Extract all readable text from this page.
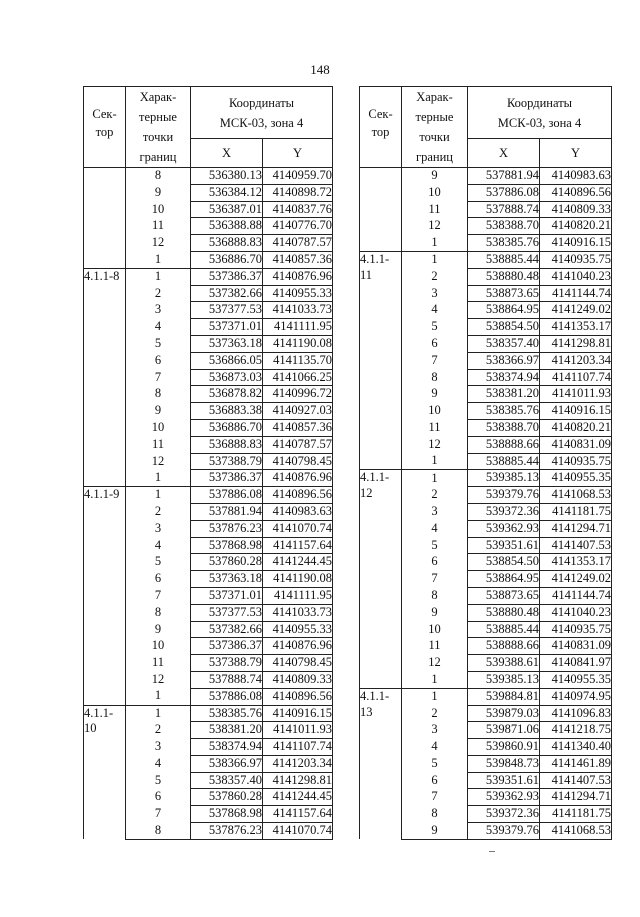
148
Сек-
тор	Харак-
терные
точки
границ	Координаты
МСК-03, зона 4	
		X	Y
	8	536380.13	4140959.70
	9	536384.12	4140898.72
	10	536387.01	4140837.76
	11	536388.88	4140776.70
	12	536888.83	4140787.57
	1	536886.70	4140857.36
4.1.1-8	1	537386.37	4140876.96
	2	537382.66	4140955.33
	3	537377.53	4141033.73
	4	537371.01	4141111.95
	5	537363.18	4141190.08
	6	536866.05	4141135.70
	7	536873.03	4141066.25
	8	536878.82	4140996.72
	9	536883.38	4140927.03
	10	536886.70	4140857.36
	11	536888.83	4140787.57
	12	537388.79	4140798.45
	1	537386.37	4140876.96
4.1.1-9	1	537886.08	4140896.56
	2	537881.94	4140983.63
	3	537876.23	4141070.74
	4	537868.98	4141157.64
	5	537860.28	4141244.45
	6	537363.18	4141190.08
	7	537371.01	4141111.95
	8	537377.53	4141033.73
	9	537382.66	4140955.33
	10	537386.37	4140876.96
	11	537388.79	4140798.45
	12	537888.74	4140809.33
	1	537886.08	4140896.56
4.1.1-
10	1	538385.76	4140916.15
	2	538381.20	4141011.93
	3	538374.94	4141107.74
	4	538366.97	4141203.34
	5	538357.40	4141298.81
	6	537860.28	4141244.45
	7	537868.98	4141157.64
	8	537876.23	4141070.74
Сек-
тор	Харак-
терные
точки
границ	Координаты
МСК-03, зона 4	
		X	Y
	9	537881.94	4140983.63
	10	537886.08	4140896.56
	11	537888.74	4140809.33
	12	538388.70	4140820.21
	1	538385.76	4140916.15
4.1.1-
11	1	538885.44	4140935.75
	2	538880.48	4141040.23
	3	538873.65	4141144.74
	4	538864.95	4141249.02
	5	538854.50	4141353.17
	6	538357.40	4141298.81
	7	538366.97	4141203.34
	8	538374.94	4141107.74
	9	538381.20	4141011.93
	10	538385.76	4140916.15
	11	538388.70	4140820.21
	12	538888.66	4140831.09
	1	538885.44	4140935.75
4.1.1-
12	1	539385.13	4140955.35
	2	539379.76	4141068.53
	3	539372.36	4141181.75
	4	539362.93	4141294.71
	5	539351.61	4141407.53
	6	538854.50	4141353.17
	7	538864.95	4141249.02
	8	538873.65	4141144.74
	9	538880.48	4141040.23
	10	538885.44	4140935.75
	11	538888.66	4140831.09
	12	539388.61	4140841.97
	1	539385.13	4140955.35
4.1.1-
13	1	539884.81	4140974.95
	2	539879.03	4141096.83
	3	539871.06	4141218.75
	4	539860.91	4141340.40
	5	539848.73	4141461.89
	6	539351.61	4141407.53
	7	539362.93	4141294.71
	8	539372.36	4141181.75
	9	539379.76	4141068.53
